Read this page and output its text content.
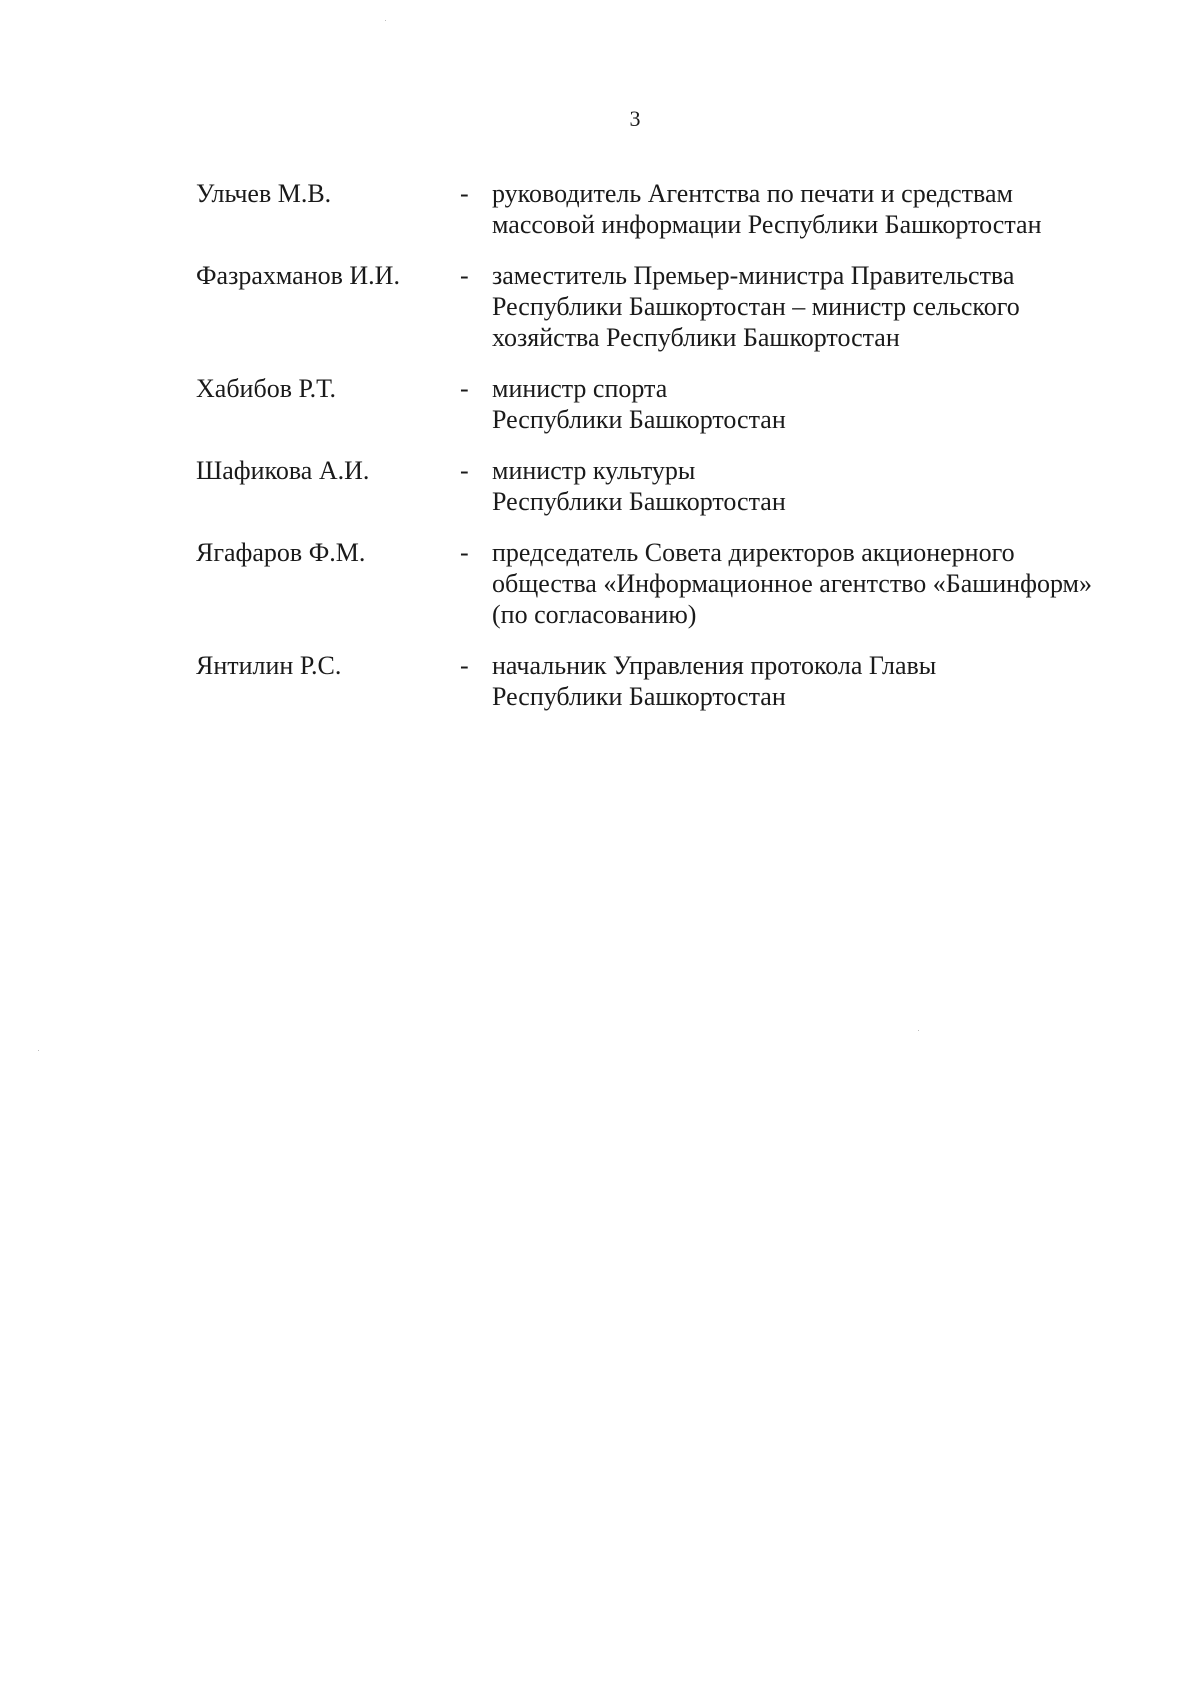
3
Ульчев М.В.	- руководитель Агентства по печати и средствам
массовой информации Республики Башкортостан
Фазрахманов И.И.	- заместитель Премьер-министра Правительства
Республики Башкортостан – министр сельского
хозяйства Республики Башкортостан
Хабибов Р.Т.	- министр спорта
Республики Башкортостан
Шафикова А.И.	- министр культуры
Республики Башкортостан
Ягафаров Ф.М.	- председатель Совета директоров акционерного
общества «Информационное агентство «Башинформ»
(по согласованию)
Янтилин Р.С.	- начальник Управления протокола Главы
Республики Башкортостан
